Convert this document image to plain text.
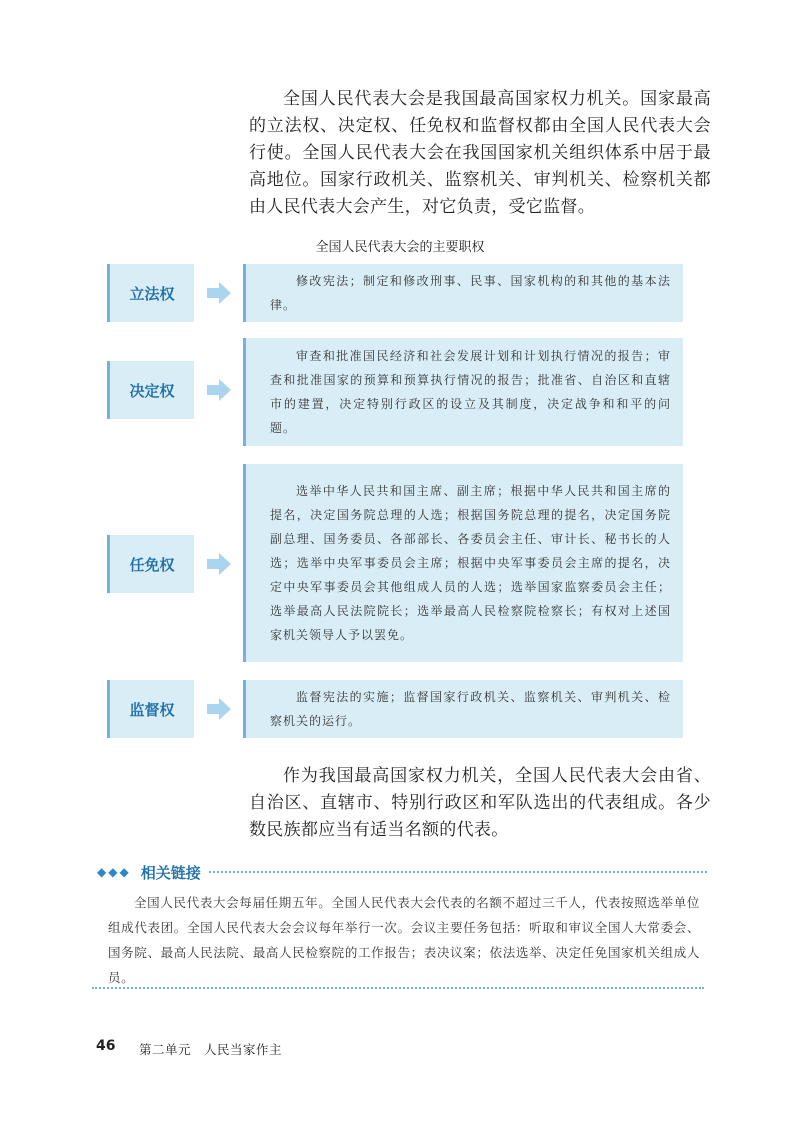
全国人民代表大会是我国最高国家权力机关。国家最高的立法权、决定权、任免权和监督权都由全国人民代表大会行使。全国人民代表大会在我国国家机关组织体系中居于最高地位。国家行政机关、监察机关、审判机关、检察机关都由人民代表大会产生，对它负责，受它监督。

全国人民代表大会的主要职权

立法权

修改宪法；制定和修改刑事、民事、国家机构的和其他的基本法律。

决定权

审查和批准国民经济和社会发展计划和计划执行情况的报告；审查和批准国家的预算和预算执行情况的报告；批准省、自治区和直辖市的建置，决定特别行政区的设立及其制度，决定战争和和平的问题。

任免权

选举中华人民共和国主席、副主席；根据中华人民共和国主席的提名，决定国务院总理的人选；根据国务院总理的提名，决定国务院副总理、国务委员、各部部长、各委员会主任、审计长、秘书长的人选；选举中央军事委员会主席；根据中央军事委员会主席的提名，决定中央军事委员会其他组成人员的人选；选举国家监察委员会主任；选举最高人民法院院长；选举最高人民检察院检察长；有权对上述国家机关领导人予以罢免。

监督权

监督宪法的实施；监督国家行政机关、监察机关、审判机关、检察机关的运行。

作为我国最高国家权力机关，全国人民代表大会由省、自治区、直辖市、特别行政区和军队选出的代表组成。各少数民族都应当有适当名额的代表。

◆◆◆ 相关链接

全国人民代表大会每届任期五年。全国人民代表大会代表的名额不超过三千人，代表按照选举单位组成代表团。全国人民代表大会会议每年举行一次。会议主要任务包括：听取和审议全国人大常委会、国务院、最高人民法院、最高人民检察院的工作报告；表决议案；依法选举、决定任免国家机关组成人员。

46 第二单元　人民当家作主
